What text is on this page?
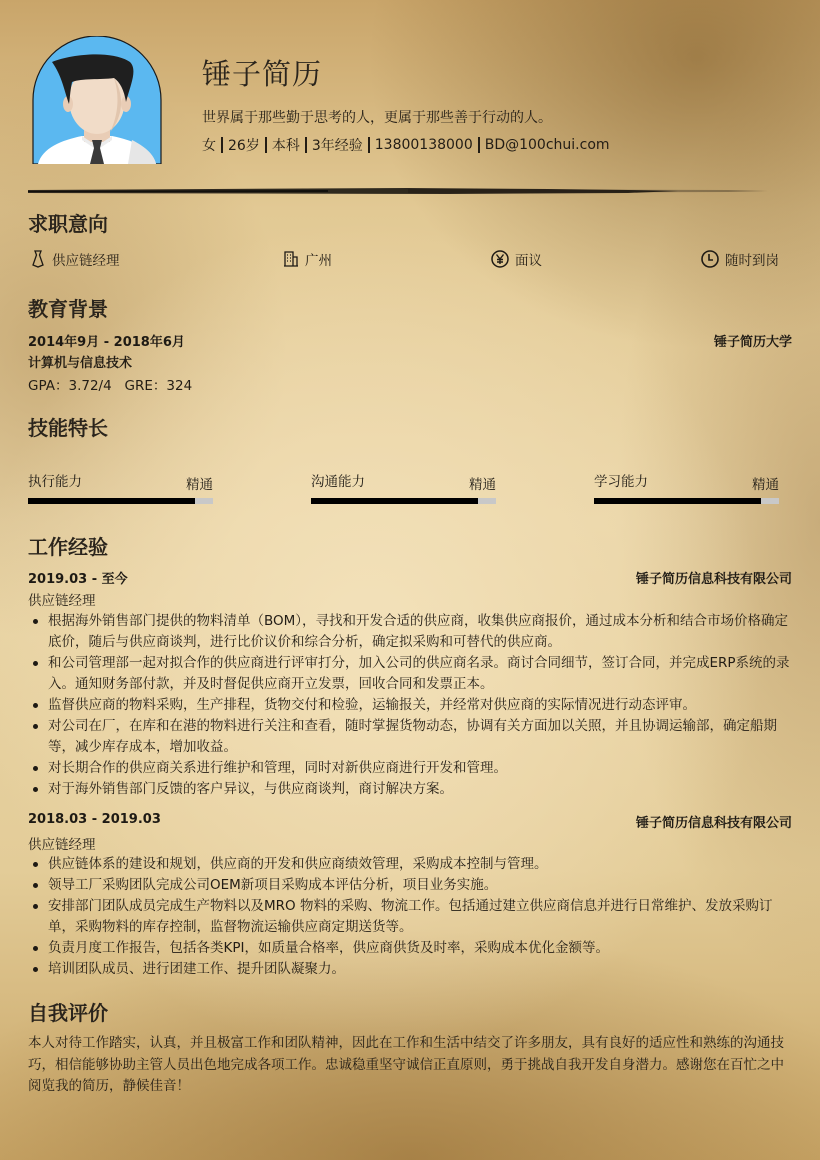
锤子简历
世界属于那些勤于思考的人，更属于那些善于行动的人。
女 26岁 本科 3年经验 13800138000 BD@100chui.com
求职意向
供应链经理	广州	面议	随时到岗
教育背景
2014年9月 - 2018年6月	锤子简历大学
计算机与信息技术
GPA：3.72/4   GRE：324
技能特长
执行能力	精通	沟通能力	精通	学习能力	精通
工作经验
2019.03 - 至今	锤子简历信息科技有限公司
供应链经理
根据海外销售部门提供的物料清单（BOM），寻找和开发合适的供应商，收集供应商报价，通过成本分析和结合市场价格确定底价，随后与供应商谈判，进行比价议价和综合分析，确定拟采购和可替代的供应商。
和公司管理部一起对拟合作的供应商进行评审打分，加入公司的供应商名录。商讨合同细节，签订合同，并完成ERP系统的录入。通知财务部付款，并及时督促供应商开立发票，回收合同和发票正本。
监督供应商的物料采购，生产排程，货物交付和检验，运输报关，并经常对供应商的实际情况进行动态评审。
对公司在厂，在库和在港的物料进行关注和查看，随时掌握货物动态，协调有关方面加以关照，并且协调运输部，确定船期等，减少库存成本，增加收益。
对长期合作的供应商关系进行维护和管理，同时对新供应商进行开发和管理。
对于海外销售部门反馈的客户异议，与供应商谈判，商讨解决方案。
2018.03 - 2019.03	锤子简历信息科技有限公司
供应链经理
供应链体系的建设和规划，供应商的开发和供应商绩效管理，采购成本控制与管理。
领导工厂采购团队完成公司OEM新项目采购成本评估分析，项目业务实施。
安排部门团队成员完成生产物料以及MRO 物料的采购、物流工作。包括通过建立供应商信息并进行日常维护、发放采购订单，采购物料的库存控制，监督物流运输供应商定期送货等。
负责月度工作报告，包括各类KPI，如质量合格率，供应商供货及时率，采购成本优化金额等。
培训团队成员、进行团建工作、提升团队凝聚力。
自我评价
本人对待工作踏实，认真，并且极富工作和团队精神，因此在工作和生活中结交了许多朋友，具有良好的适应性和熟练的沟通技巧，相信能够协助主管人员出色地完成各项工作。忠诚稳重坚守诚信正直原则，勇于挑战自我开发自身潜力。感谢您在百忙之中阅览我的简历，静候佳音！
